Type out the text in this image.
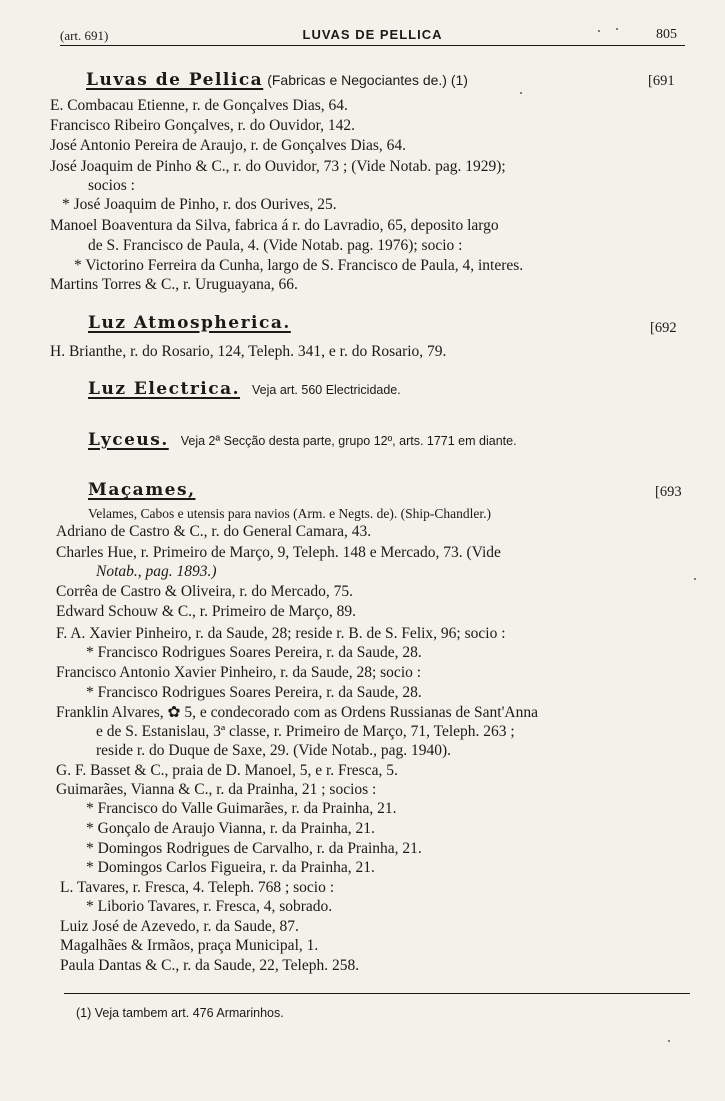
(art. 691)	LUVAS DE PELLICA	805
Luvas de Pellica (Fabricas e Negociantes de.) (1)	[691
E. Combacau Etienne, r. de Gonçalves Dias, 64.
Francisco Ribeiro Gonçalves, r. do Ouvidor, 142.
José Antonio Pereira de Araujo, r. de Gonçalves Dias, 64.
José Joaquim de Pinho & C., r. do Ouvidor, 73 ; (Vide Notab. pag. 1929);
socios :
* José Joaquim de Pinho, r. dos Ourives, 25.
Manoel Boaventura da Silva, fabrica á r. do Lavradio, 65, deposito largo
de S. Francisco de Paula, 4. (Vide Notab. pag. 1976); socio :
* Victorino Ferreira da Cunha, largo de S. Francisco de Paula, 4, interes.
Martins Torres & C., r. Uruguayana, 66.
Luz Atmospherica.	[692
H. Brianthe, r. do Rosario, 124, Teleph. 341, e r. do Rosario, 79.
Luz Electrica. Veja art. 560 Electricidade.
Lyceus. Veja 2ª Secção desta parte, grupo 12º, arts. 1771 em diante.
Maçames,	[693
Velames, Cabos e utensis para navios (Arm. e Negts. de). (Ship-Chandler.)
Adriano de Castro & C., r. do General Camara, 43.
Charles Hue, r. Primeiro de Março, 9, Teleph. 148 e Mercado, 73. (Vide
Notab., pag. 1893.)
Corrêa de Castro & Oliveira, r. do Mercado, 75.
Edward Schouw & C., r. Primeiro de Março, 89.
F. A. Xavier Pinheiro, r. da Saude, 28; reside r. B. de S. Felix, 96; socio :
* Francisco Rodrigues Soares Pereira, r. da Saude, 28.
Francisco Antonio Xavier Pinheiro, r. da Saude, 28; socio :
* Francisco Rodrigues Soares Pereira, r. da Saude, 28.
Franklin Alvares, ✿ 5, e condecorado com as Ordens Russianas de Sant'Anna
e de S. Estanislau, 3ª classe, r. Primeiro de Março, 71, Teleph. 263 ;
reside r. do Duque de Saxe, 29. (Vide Notab., pag. 1940).
G. F. Basset & C., praia de D. Manoel, 5, e r. Fresca, 5.
Guimarães, Vianna & C., r. da Prainha, 21 ; socios :
* Francisco do Valle Guimarães, r. da Prainha, 21.
* Gonçalo de Araujo Vianna, r. da Prainha, 21.
* Domingos Rodrigues de Carvalho, r. da Prainha, 21.
* Domingos Carlos Figueira, r. da Prainha, 21.
L. Tavares, r. Fresca, 4. Teleph. 768 ; socio :
* Liborio Tavares, r. Fresca, 4, sobrado.
Luiz José de Azevedo, r. da Saude, 87.
Magalhães & Irmãos, praça Municipal, 1.
Paula Dantas & C., r. da Saude, 22, Teleph. 258.
(1) Veja tambem art. 476 Armarinhos.
